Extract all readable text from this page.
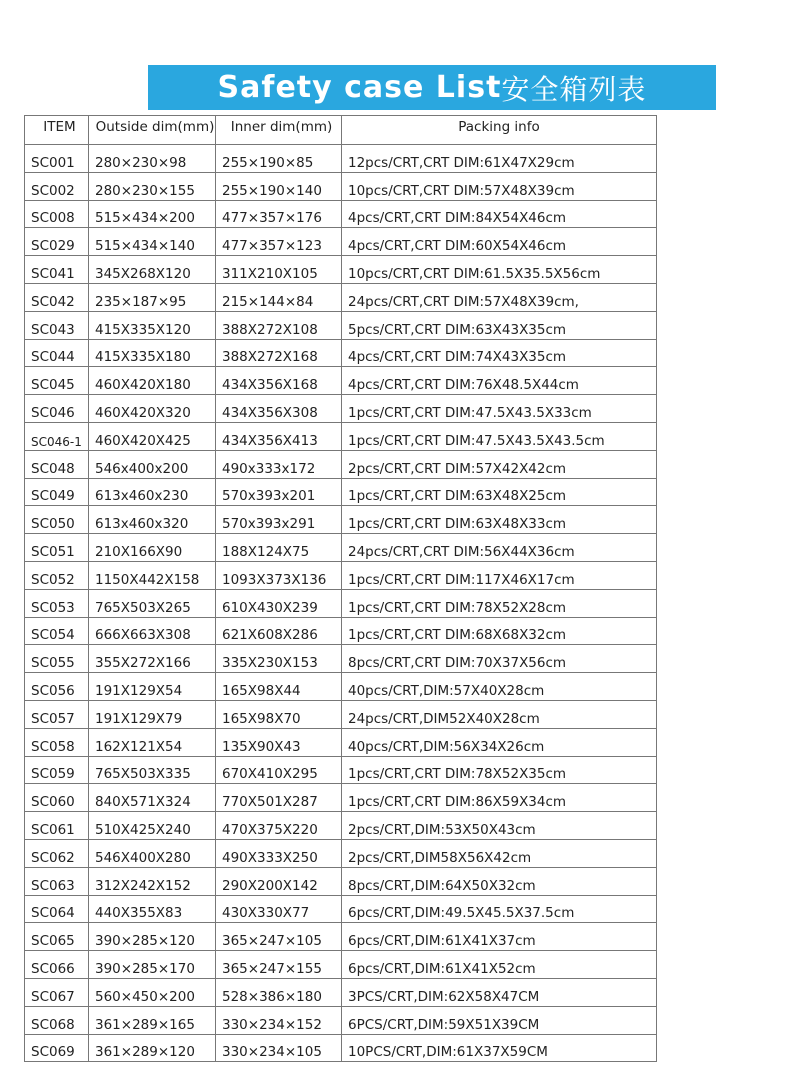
Safety case List 安全箱列表
ITEM	Outside dim(mm)	Inner dim(mm)	Packing info
SC001	280×230×98	255×190×85	12pcs/CRT,CRT DIM:61X47X29cm
SC002	280×230×155	255×190×140	10pcs/CRT,CRT DIM:57X48X39cm
SC008	515×434×200	477×357×176	4pcs/CRT,CRT DIM:84X54X46cm
SC029	515×434×140	477×357×123	4pcs/CRT,CRT DIM:60X54X46cm
SC041	345X268X120	311X210X105	10pcs/CRT,CRT DIM:61.5X35.5X56cm
SC042	235×187×95	215×144×84	24pcs/CRT,CRT DIM:57X48X39cm,
SC043	415X335X120	388X272X108	5pcs/CRT,CRT DIM:63X43X35cm
SC044	415X335X180	388X272X168	4pcs/CRT,CRT DIM:74X43X35cm
SC045	460X420X180	434X356X168	4pcs/CRT,CRT DIM:76X48.5X44cm
SC046	460X420X320	434X356X308	1pcs/CRT,CRT DIM:47.5X43.5X33cm
SC046-1	460X420X425	434X356X413	1pcs/CRT,CRT DIM:47.5X43.5X43.5cm
SC048	546x400x200	490x333x172	2pcs/CRT,CRT DIM:57X42X42cm
SC049	613x460x230	570x393x201	1pcs/CRT,CRT DIM:63X48X25cm
SC050	613x460x320	570x393x291	1pcs/CRT,CRT DIM:63X48X33cm
SC051	210X166X90	188X124X75	24pcs/CRT,CRT DIM:56X44X36cm
SC052	1150X442X158	1093X373X136	1pcs/CRT,CRT DIM:117X46X17cm
SC053	765X503X265	610X430X239	1pcs/CRT,CRT DIM:78X52X28cm
SC054	666X663X308	621X608X286	1pcs/CRT,CRT DIM:68X68X32cm
SC055	355X272X166	335X230X153	8pcs/CRT,CRT DIM:70X37X56cm
SC056	191X129X54	165X98X44	40pcs/CRT,DIM:57X40X28cm
SC057	191X129X79	165X98X70	24pcs/CRT,DIM52X40X28cm
SC058	162X121X54	135X90X43	40pcs/CRT,DIM:56X34X26cm
SC059	765X503X335	670X410X295	1pcs/CRT,CRT DIM:78X52X35cm
SC060	840X571X324	770X501X287	1pcs/CRT,CRT DIM:86X59X34cm
SC061	510X425X240	470X375X220	2pcs/CRT,DIM:53X50X43cm
SC062	546X400X280	490X333X250	2pcs/CRT,DIM58X56X42cm
SC063	312X242X152	290X200X142	8pcs/CRT,DIM:64X50X32cm
SC064	440X355X83	430X330X77	6pcs/CRT,DIM:49.5X45.5X37.5cm
SC065	390×285×120	365×247×105	6pcs/CRT,DIM:61X41X37cm
SC066	390×285×170	365×247×155	6pcs/CRT,DIM:61X41X52cm
SC067	560×450×200	528×386×180	3PCS/CRT,DIM:62X58X47CM
SC068	361×289×165	330×234×152	6PCS/CRT,DIM:59X51X39CM
SC069	361×289×120	330×234×105	10PCS/CRT,DIM:61X37X59CM
